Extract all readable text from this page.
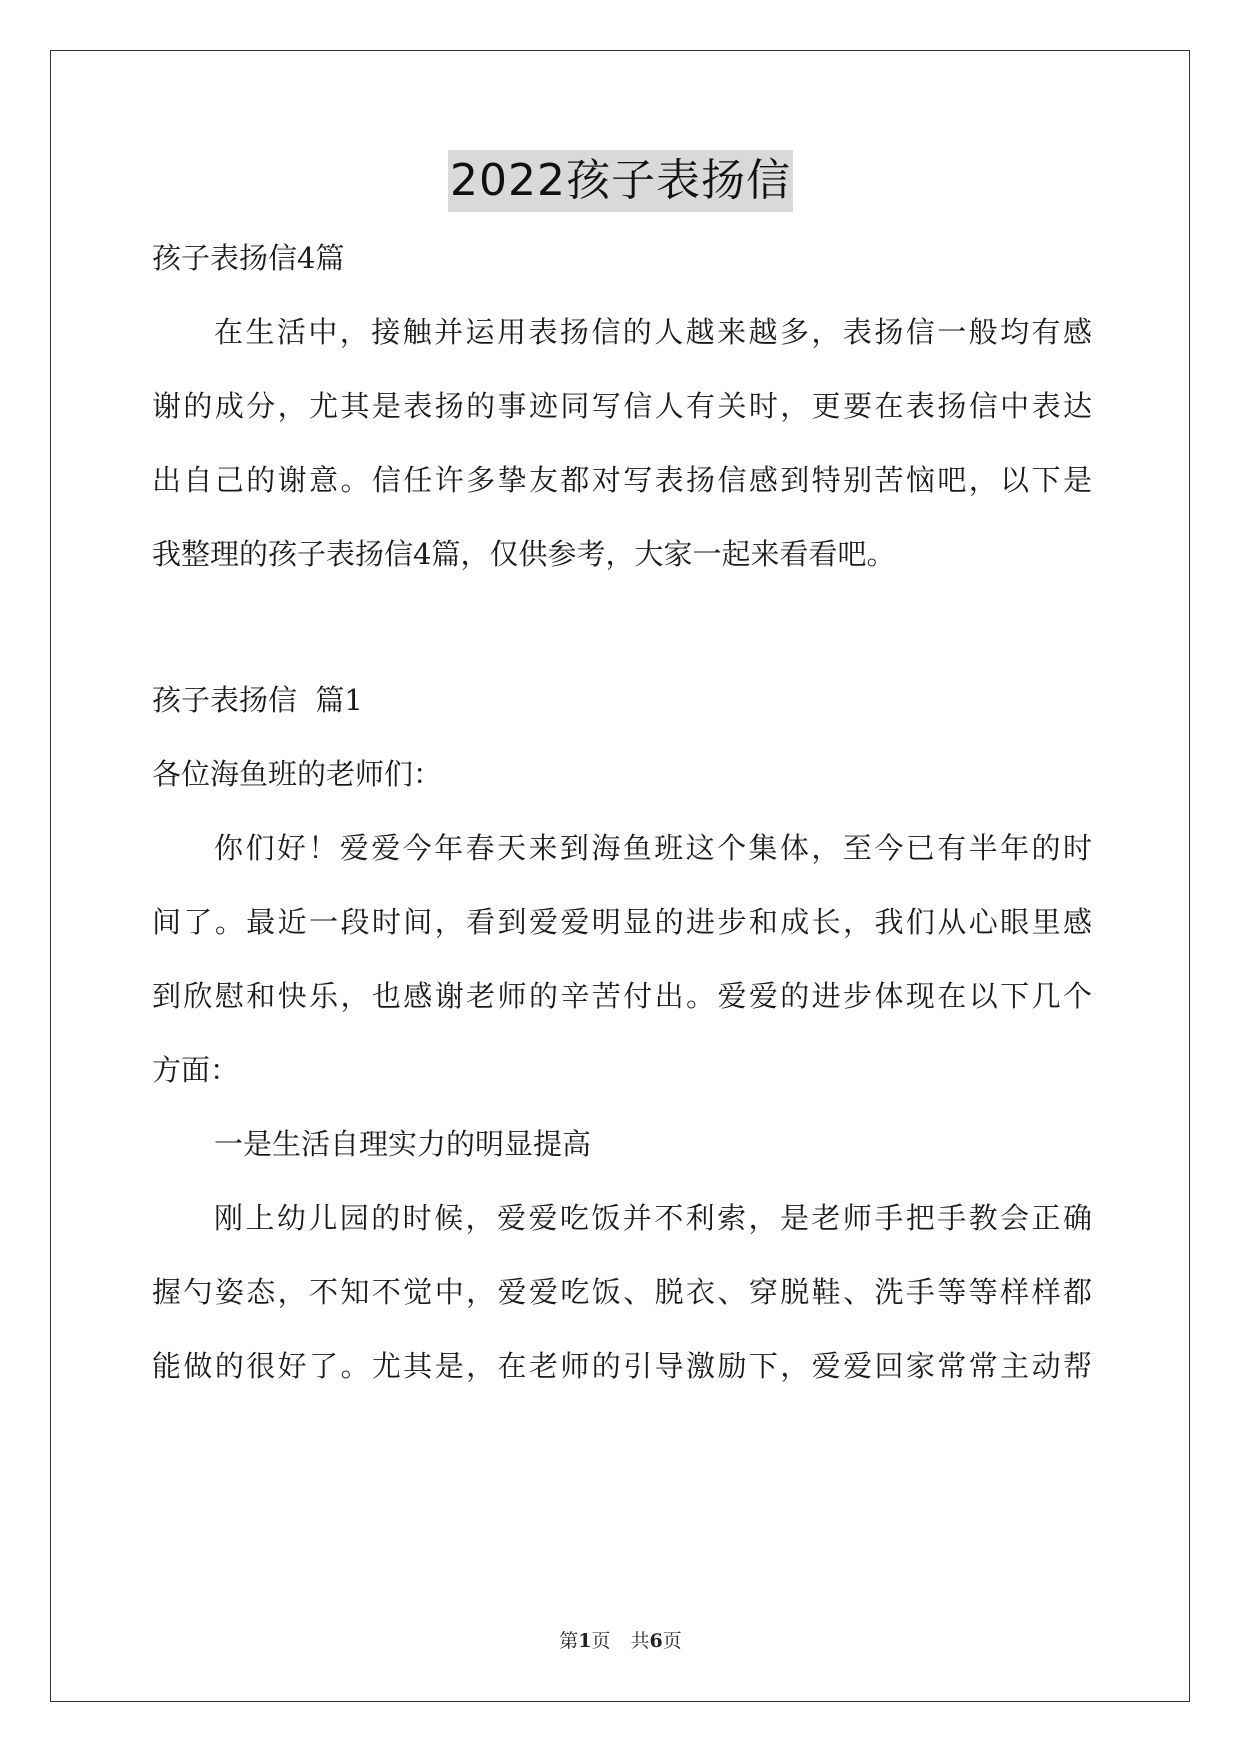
2022孩子表扬信
孩子表扬信4篇
在生活中，接触并运用表扬信的人越来越多，表扬信一般均有感
谢的成分，尤其是表扬的事迹同写信人有关时，更要在表扬信中表达
出自己的谢意。信任许多挚友都对写表扬信感到特别苦恼吧，以下是
我整理的孩子表扬信4篇，仅供参考，大家一起来看看吧。
孩子表扬信  篇1
各位海鱼班的老师们：
你们好！爱爱今年春天来到海鱼班这个集体，至今已有半年的时
间了。最近一段时间，看到爱爱明显的进步和成长，我们从心眼里感
到欣慰和快乐，也感谢老师的辛苦付出。爱爱的进步体现在以下几个
方面：
一是生活自理实力的明显提高
刚上幼儿园的时候，爱爱吃饭并不利索，是老师手把手教会正确
握勺姿态，不知不觉中，爱爱吃饭、脱衣、穿脱鞋、洗手等等样样都
能做的很好了。尤其是，在老师的引导激励下，爱爱回家常常主动帮
第1页 共6页
